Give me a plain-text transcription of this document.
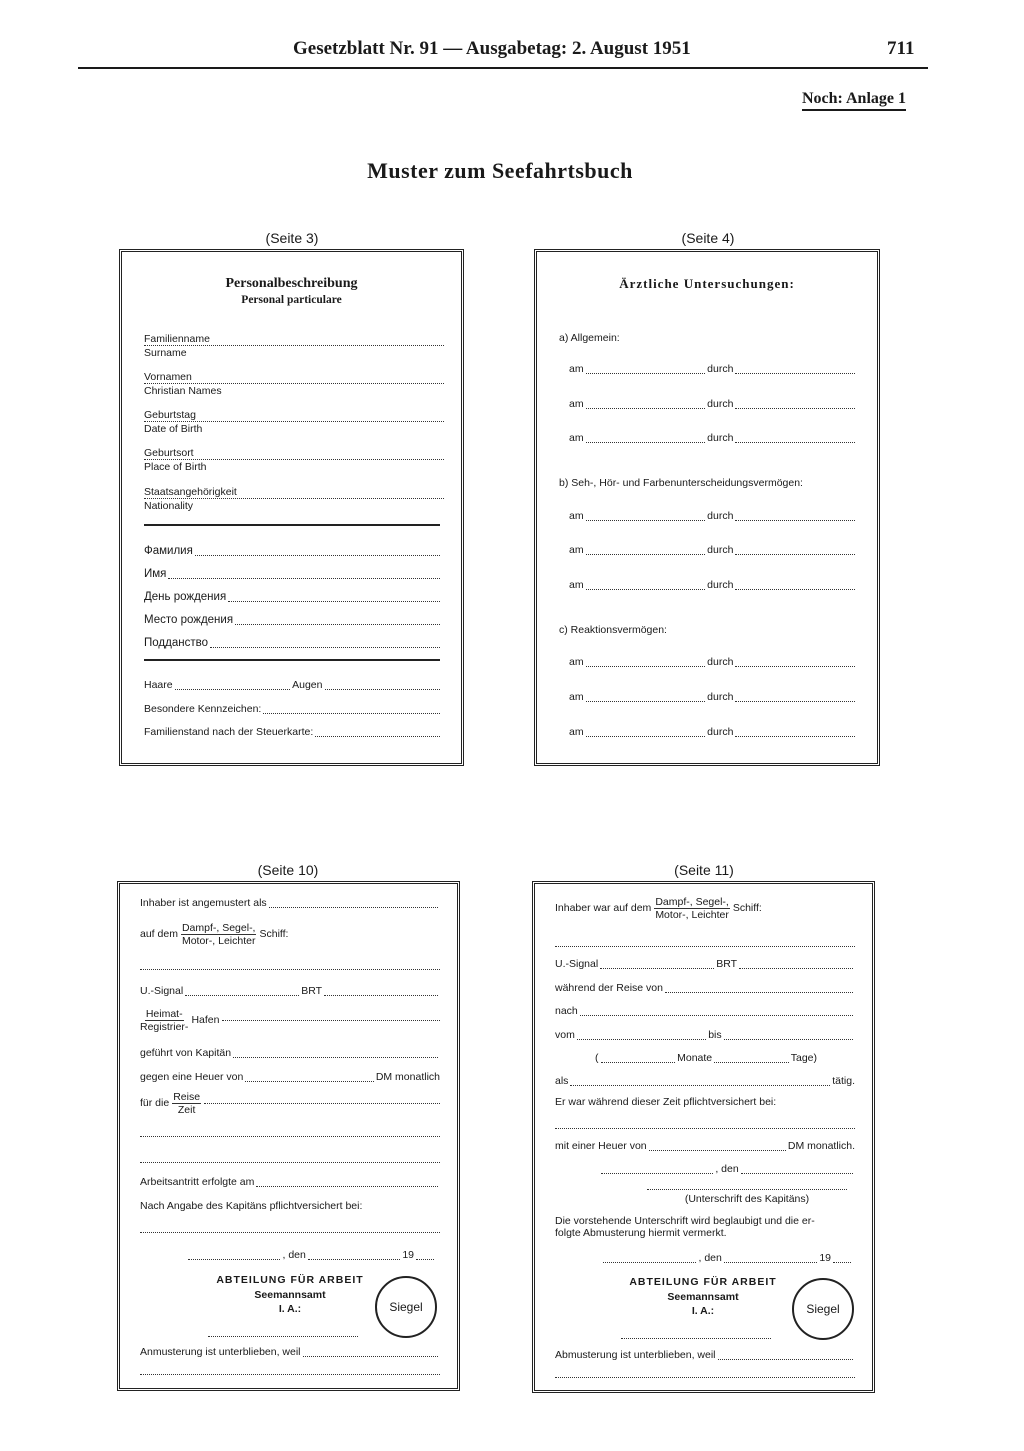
Gesetzblatt Nr. 91 — Ausgabetag: 2. August 1951	711
Noch: Anlage 1
Muster zum Seefahrtsbuch
(Seite 3)
Personalbeschreibung
Personal particulare
Familienname
Surname
Vornamen
Christian Names
Geburtstag
Date of Birth
Geburtsort
Place of Birth
Staatsangehörigkeit
Nationality
Фамилия
Имя
День рождения
Место рождения
Подданство
Haare	Augen
Besondere Kennzeichen:
Familienstand nach der Steuerkarte:
(Seite 4)
Ärztliche Untersuchungen:
a) Allgemein:
am	durch
am	durch
am	durch
b) Seh-, Hör- und Farbenunterscheidungsvermögen:
am	durch
am	durch
am	durch
c) Reaktionsvermögen:
am	durch
am	durch
am	durch
(Seite 10)
Inhaber ist angemustert als
auf dem $\frac{\text{Dampf-, Segel-,}}{\text{Motor-, Leichter}}$ Schiff:
U.-Signal	BRT
$\frac{\text{Heimat-}}{\text{Registrier-}}$ Hafen
geführt von Kapitän
gegen eine Heuer von	DM monatlich
für die $\frac{\text{Reise}}{\text{Zeit}}$
Arbeitsantritt erfolgte am
Nach Angabe des Kapitäns pflichtversichert bei:
, den	19
ABTEILUNG FÜR ARBEIT
Seemannsamt
I. A.:	Siegel
Anmusterung ist unterblieben, weil
(Seite 11)
Inhaber war auf dem $\frac{\text{Dampf-, Segel-,}}{\text{Motor-, Leichter}}$ Schiff:
U.-Signal	BRT
während der Reise von
nach
vom	bis
(	Monate	Tage)
als	tätig.
Er war während dieser Zeit pflichtversichert bei:
mit einer Heuer von	DM monatlich.
, den
(Unterschrift des Kapitäns)
Die vorstehende Unterschrift wird beglaubigt und die er-
folgte Abmusterung hiermit vermerkt.
, den	19
ABTEILUNG FÜR ARBEIT
Seemannsamt
I. A.:	Siegel
Abmusterung ist unterblieben, weil
